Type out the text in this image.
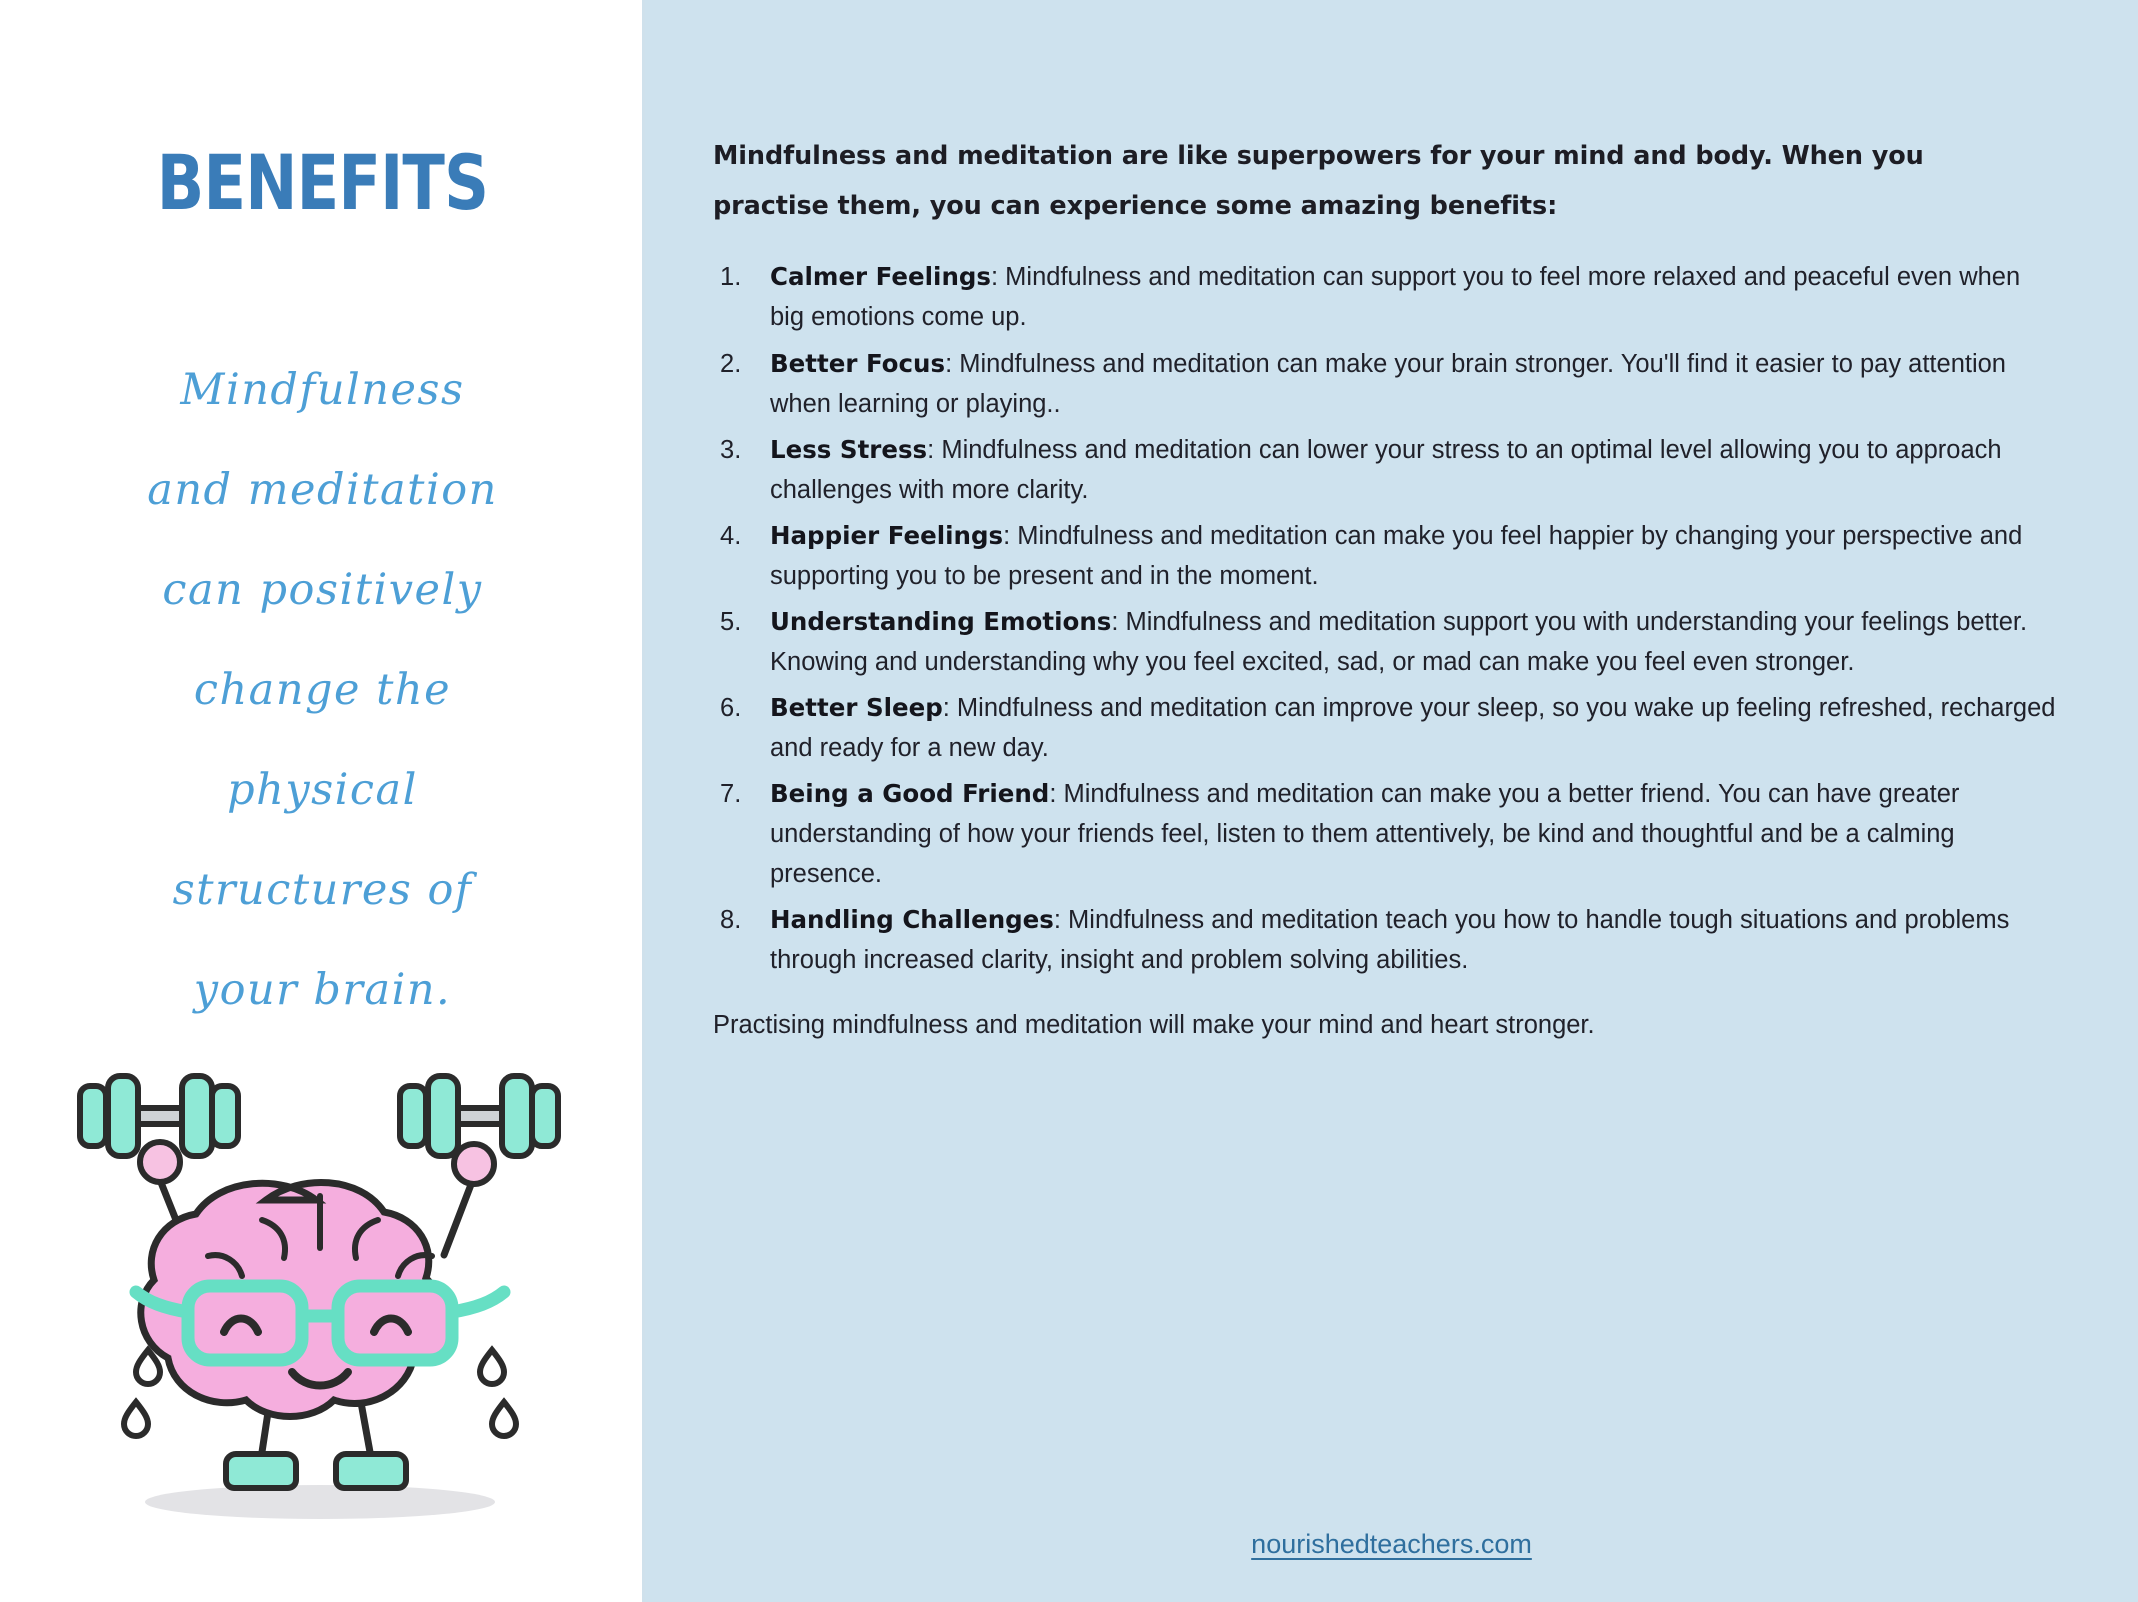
BENEFITS
Mindfulness
and meditation
can positively
change the
physical
structures of
your brain.

Mindfulness and meditation are like superpowers for your mind and body. When you practise them, you can experience some amazing benefits:

Calmer Feelings: Mindfulness and meditation can support you to feel more relaxed and peaceful even when big emotions come up.
Better Focus: Mindfulness and meditation can make your brain stronger. You'll find it easier to pay attention when learning or playing..
Less Stress: Mindfulness and meditation can lower your stress to an optimal level allowing you to approach challenges with more clarity.
Happier Feelings: Mindfulness and meditation can make you feel happier by changing your perspective and supporting you to be present and in the moment.
Understanding Emotions: Mindfulness and meditation support you with understanding your feelings better. Knowing and understanding why you feel excited, sad, or mad can make you feel even stronger.
Better Sleep: Mindfulness and meditation can improve your sleep, so you wake up feeling refreshed, recharged and ready for a new day.
Being a Good Friend: Mindfulness and meditation can make you a better friend. You can have greater understanding of how your friends feel, listen to them attentively, be kind and thoughtful and be a calming presence.
Handling Challenges: Mindfulness and meditation teach you how to handle tough situations and problems through increased clarity, insight and problem solving abilities.

Practising mindfulness and meditation will make your mind and heart stronger.

nourishedteachers.com
